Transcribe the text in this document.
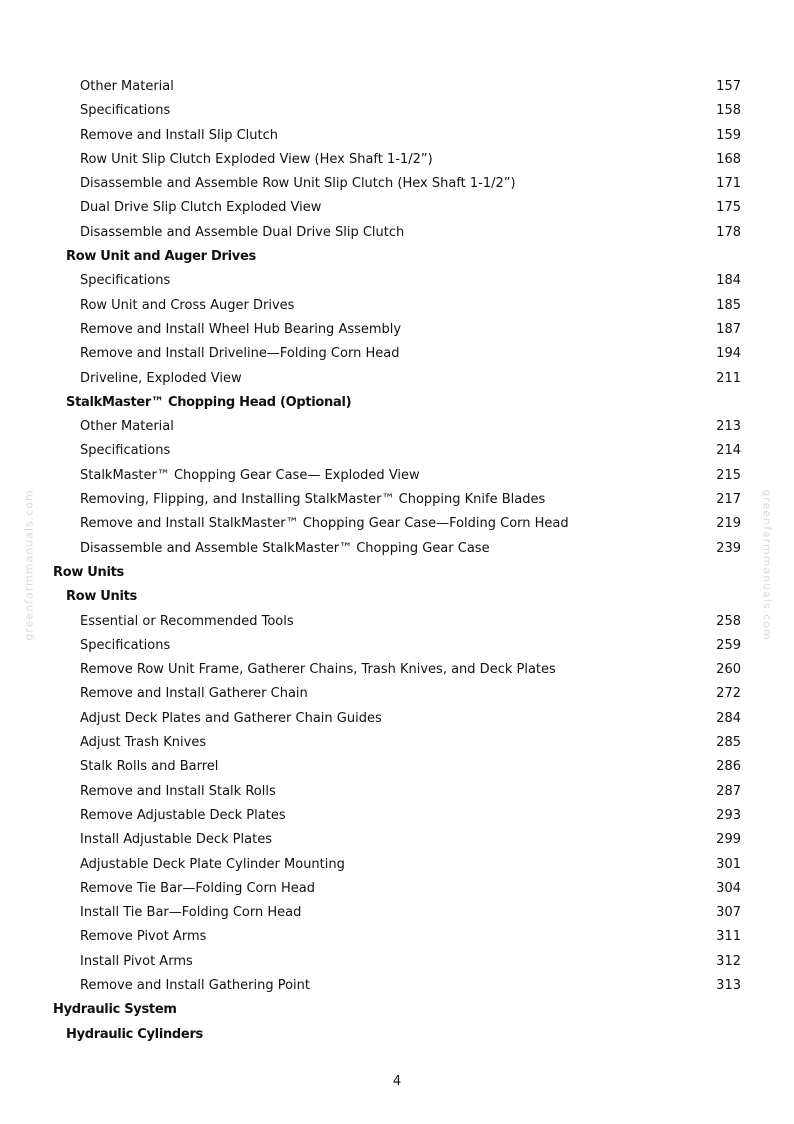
greenfarmmanuals.com	greenfarmmanuals.com
Other Material	157
Specifications	158
Remove and Install Slip Clutch	159
Row Unit Slip Clutch Exploded View (Hex Shaft 1-1/2”)	168
Disassemble and Assemble Row Unit Slip Clutch (Hex Shaft 1-1/2”)	171
Dual Drive Slip Clutch Exploded View	175
Disassemble and Assemble Dual Drive Slip Clutch	178
Row Unit and Auger Drives
Specifications	184
Row Unit and Cross Auger Drives	185
Remove and Install Wheel Hub Bearing Assembly	187
Remove and Install Driveline—Folding Corn Head	194
Driveline, Exploded View	211
StalkMaster™ Chopping Head (Optional)
Other Material	213
Specifications	214
StalkMaster™ Chopping Gear Case— Exploded View	215
Removing, Flipping, and Installing StalkMaster™ Chopping Knife Blades	217
Remove and Install StalkMaster™ Chopping Gear Case—Folding Corn Head	219
Disassemble and Assemble StalkMaster™ Chopping Gear Case	239
Row Units
Row Units
Essential or Recommended Tools	258
Specifications	259
Remove Row Unit Frame, Gatherer Chains, Trash Knives, and Deck Plates	260
Remove and Install Gatherer Chain	272
Adjust Deck Plates and Gatherer Chain Guides	284
Adjust Trash Knives	285
Stalk Rolls and Barrel	286
Remove and Install Stalk Rolls	287
Remove Adjustable Deck Plates	293
Install Adjustable Deck Plates	299
Adjustable Deck Plate Cylinder Mounting	301
Remove Tie Bar—Folding Corn Head	304
Install Tie Bar—Folding Corn Head	307
Remove Pivot Arms	311
Install Pivot Arms	312
Remove and Install Gathering Point	313
Hydraulic System
Hydraulic Cylinders
4
